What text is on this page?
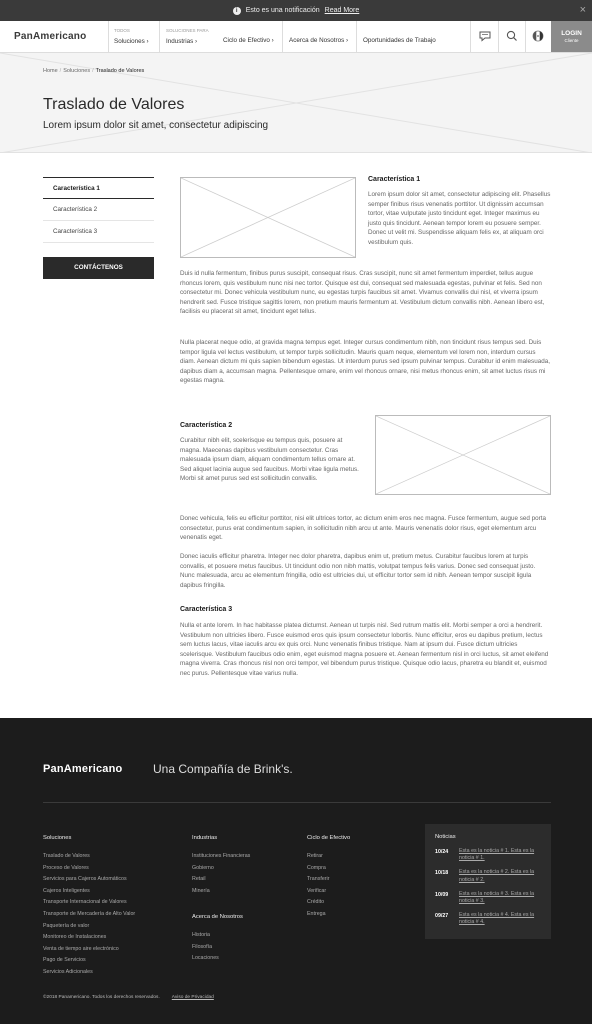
i	Esto es una notificación Read More	×
PanAmericano
TODOS
Soluciones ›
SOLUCIONES PARA
Industrias ›	Ciclo de Efectivo › Acerca de Nosotros › Oportunidades de Trabajo
LOGIN
Cliente
Home / Soluciones / Traslado de Valores
Traslado de Valores
Lorem ipsum dolor sit amet, consectetur adipiscing
Característica 1
Característica 2
Característica 3
CONTÁCTENOS
Característica 1
Lorem ipsum dolor sit amet, consectetur adipiscing elit. Phasellus semper finibus risus venenatis porttitor. Ut dignissim accumsan tortor, vitae vulputate justo tincidunt eget. Integer maximus eu justo quis tincidunt. Aenean tempor lorem eu posuere semper. Donec ut velit mi. Suspendisse aliquam felis ex, at aliquam orci vestibulum quis.
Duis id nulla fermentum, finibus purus suscipit, consequat risus. Cras suscipit, nunc sit amet fermentum imperdiet, tellus augue rhoncus lorem, quis vestibulum nunc nisi nec tortor. Quisque est dui, consequat sed malesuada egestas, pulvinar et felis. Sed non consectetur mi. Donec vehicula vestibulum nunc, eu egestas turpis faucibus sit amet. Vivamus convallis dui nisl, et viverra ipsum hendrerit sed. Fusce tristique sagittis lorem, non pretium mauris fermentum at. Vestibulum dictum convallis nibh. Aenean libero est, facilisis eu placerat sit amet, tincidunt eget tellus.
Nulla placerat neque odio, at gravida magna tempus eget. Integer cursus condimentum nibh, non tincidunt risus tempus sed. Duis tempor ligula vel lectus vestibulum, ut tempor turpis sollicitudin. Mauris quam neque, elementum vel lorem non, interdum cursus diam. Aenean dictum mi quis sapien bibendum egestas. Ut interdum purus sed ipsum pulvinar tempus. Curabitur id enim malesuada, dapibus diam a, accumsan magna. Pellentesque ornare, enim vel rhoncus ornare, nisi metus rhoncus enim, sit amet luctus risus mi egestas magna.
Característica 2
Curabitur nibh elit, scelerisque eu tempus quis, posuere at magna. Maecenas dapibus vestibulum consectetur. Cras malesuada ipsum diam, aliquam condimentum tellus ornare at. Sed aliquet lacinia augue sed faucibus. Morbi vitae ligula metus. Morbi sit amet purus sed est sollicitudin convallis.
Donec vehicula, felis eu efficitur porttitor, nisi elit ultrices tortor, ac dictum enim eros nec magna. Fusce fermentum, augue sed porta consectetur, purus erat condimentum sapien, in sollicitudin nibh arcu ut ante. Mauris venenatis dolor risus, eget elementum arcu venenatis eget.
Donec iaculis efficitur pharetra. Integer nec dolor pharetra, dapibus enim ut, pretium metus. Curabitur faucibus lorem at turpis convallis, et posuere metus faucibus. Ut tincidunt odio non nibh mattis, volutpat tempus felis varius. Donec sed consequat justo. Nunc malesuada, arcu ac elementum fringilla, odio est ultricies dui, ut efficitur tortor sem id nibh. Aenean tempor suscipit ligula dapibus fringilla.
Característica 3
Nulla et ante lorem. In hac habitasse platea dictumst. Aenean ut turpis nisl. Sed rutrum mattis elit. Morbi semper a orci a hendrerit. Vestibulum non ultricies libero. Fusce euismod eros quis ipsum consectetur lobortis. Nunc efficitur, eros eu dapibus pretium, lectus sem luctus lacus, vitae iaculis arcu ex quis orci. Nunc venenatis finibus tristique. Nam at ipsum dui. Fusce dictum ultricies scelerisque. Vestibulum faucibus odio enim, eget euismod magna posuere et. Aenean fermentum nisl in orci luctus, sit amet eleifend magna viverra. Cras rhoncus nisl non orci tempor, vel bibendum purus tristique. Quisque odio lacus, pharetra eu blandit et, euismod nec purus. Pellentesque vitae varius nulla.
PanAmericano	Una Compañía de Brink's.
Soluciones
Traslado de Valores
Proceso de Valores
Servicios para Cajeros Automáticos
Cajeros Inteligentes
Transporte Internacional de Valores
Transporte de Mercadería de Alto Valor
Paquetería de valor
Monitoreo de Instalaciones
Venta de tiempo aire electrónico
Pago de Servicios
Servicios Adicionales
Industrias
Instituciones Financieras
Gobierno
Retail
Minería
Acerca de Nosotros
Historia
Filosofía
Locaciones
Ciclo de Efectivo
Retirar
Compra
Transferir
Verificar
Crédito
Entrega
Noticias
10/24	Esta es la noticia # 1. Esta es la noticia # 1.
10/18	Esta es la noticia # 2. Esta es la noticia # 2.
10/09	Esta es la noticia # 3. Esta es la noticia # 3.
09/27	Esta es la noticia # 4. Esta es la noticia # 4.
©2018 Panamericano. Todos los derechos reservados.	Aviso de Privacidad
